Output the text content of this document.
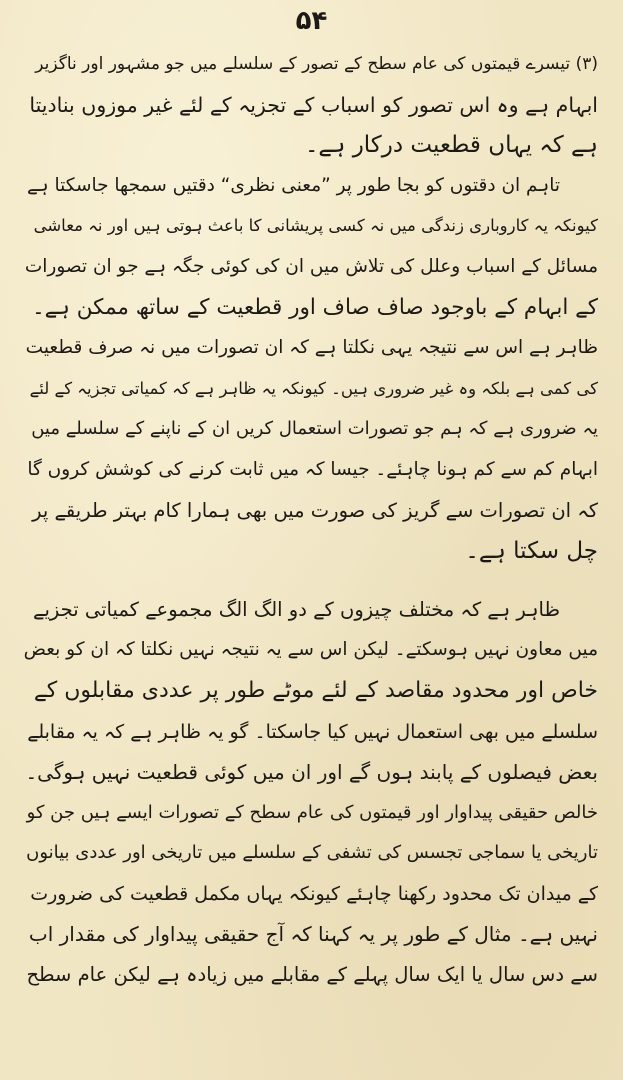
۵۴
(۳) تیسرے قیمتوں کی عام سطح کے تصور کے سلسلے میں جو مشہور اور ناگزیر
ابہام ہے وہ اس تصور کو اسباب کے تجزیہ کے لئے غیر موزوں بنادیتا
ہے کہ یہاں قطعیت درکار ہے۔
تاہم ان دقتوں کو بجا طور پر ”معنی نظری“ دقتیں سمجھا جاسکتا ہے
کیونکہ یہ کاروباری زندگی میں نہ کسی پریشانی کا باعث ہوتی ہیں اور نہ معاشی
مسائل کے اسباب وعلل کی تلاش میں ان کی کوئی جگہ ہے جو ان تصورات
کے ابہام کے باوجود صاف صاف اور قطعیت کے ساتھ ممکن ہے۔
ظاہر ہے اس سے نتیجہ یہی نکلتا ہے کہ ان تصورات میں نہ صرف قطعیت
کی کمی ہے بلکہ وہ غیر ضروری ہیں۔ کیونکہ یہ ظاہر ہے کہ کمیاتی تجزیہ کے لئے
یہ ضروری ہے کہ ہم جو تصورات استعمال کریں ان کے ناپنے کے سلسلے میں
ابہام کم سے کم ہونا چاہئے۔ جیسا کہ میں ثابت کرنے کی کوشش کروں گا
کہ ان تصورات سے گریز کی صورت میں بھی ہمارا کام بہتر طریقے پر
چل سکتا ہے۔
ظاہر ہے کہ مختلف چیزوں کے دو الگ الگ مجموعے کمیاتی تجزیے
میں معاون نہیں ہوسکتے۔ لیکن اس سے یہ نتیجہ نہیں نکلتا کہ ان کو بعض
خاص اور محدود مقاصد کے لئے موٹے طور پر عددی مقابلوں کے
سلسلے میں بھی استعمال نہیں کیا جاسکتا۔ گو یہ ظاہر ہے کہ یہ مقابلے
بعض فیصلوں کے پابند ہوں گے اور ان میں کوئی قطعیت نہیں ہوگی۔
خالص حقیقی پیداوار اور قیمتوں کی عام سطح کے تصورات ایسے ہیں جن کو
تاریخی یا سماجی تجسس کی تشفی کے سلسلے میں تاریخی اور عددی بیانوں
کے میدان تک محدود رکھنا چاہئے کیونکہ یہاں مکمل قطعیت کی ضرورت
نہیں ہے۔ مثال کے طور پر یہ کہنا کہ آج حقیقی پیداوار کی مقدار اب
سے دس سال یا ایک سال پہلے کے مقابلے میں زیادہ ہے لیکن عام سطح
